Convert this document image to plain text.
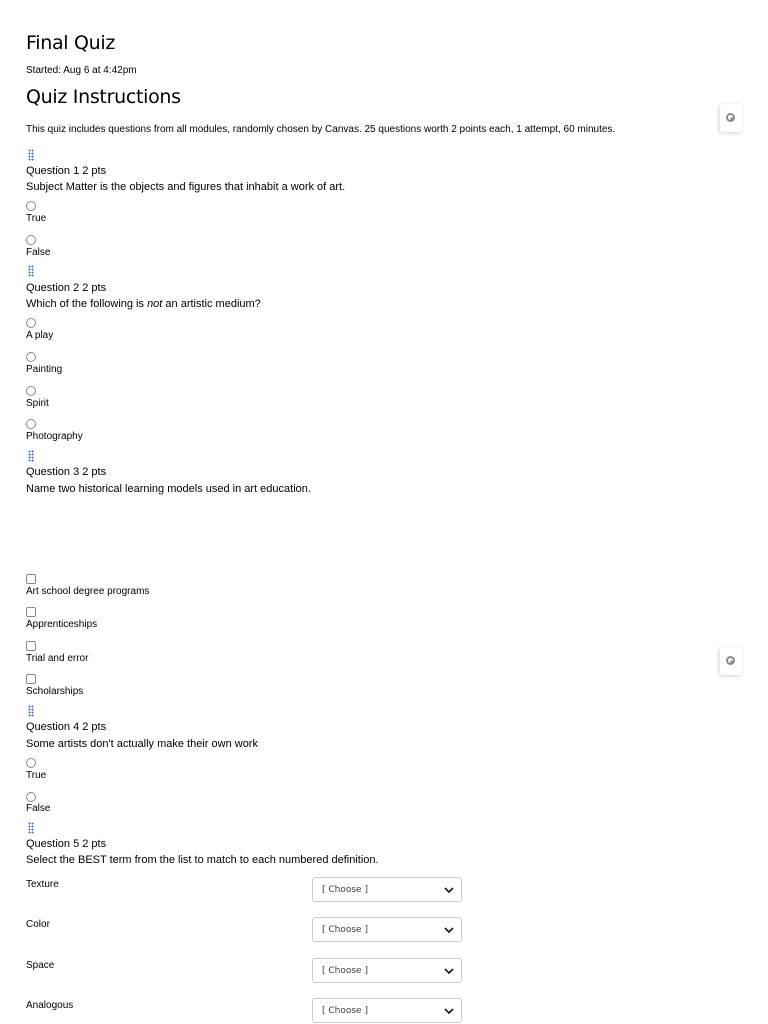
Final Quiz
Started: Aug 6 at 4:42pm
Quiz Instructions
This quiz includes questions from all modules, randomly chosen by Canvas. 25 questions worth 2 points each, 1 attempt, 60 minutes.
Question 1 2 pts
Subject Matter is the objects and figures that inhabit a work of art.
True
False
Question 2 2 pts
Which of the following is not an artistic medium?
A play
Painting
Spirit
Photography
Question 3 2 pts
Name two historical learning models used in art education.
Art school degree programs
Apprenticeships
Trial and error
Scholarships
Question 4 2 pts
Some artists don't actually make their own work
True
False
Question 5 2 pts
Select the BEST term from the list to match to each numbered definition.
Texture	[ Choose ]
Color	[ Choose ]
Space	[ Choose ]
Analogous	[ Choose ]
